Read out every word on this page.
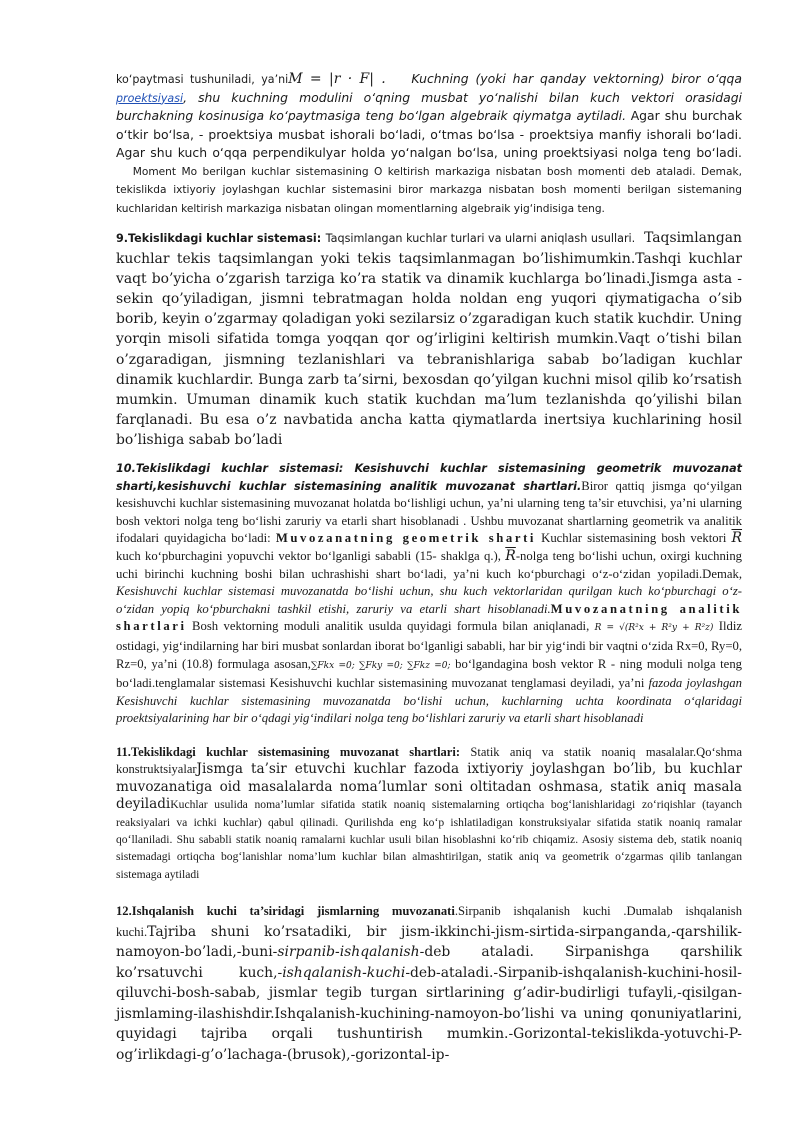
ko‘paytmasi tushuniladi, ya’niM = |r · F| . Kuchning (yoki har qanday vektorning) biror o‘qqa proektsiyasi, shu kuchning modulini o‘qning musbat yo‘nalishi bilan kuch vektori orasidagi burchakning kosinusiga ko‘paytmasiga teng bo‘lgan algebraik qiymatga aytiladi. Agar shu burchak o‘tkir bo‘lsa, - proektsiya musbat ishorali bo‘ladi, o‘tmas bo‘lsa - proektsiya manfiy ishorali bo‘ladi. Agar shu kuch o‘qqa perpendikulyar holda yo‘nalgan bo‘lsa, uning proektsiyasi nolga teng bo‘ladi.    Moment Mo berilgan kuchlar sistemasining O keltirish markaziga nisbatan bosh momenti deb ataladi. Demak, tekislikda ixtiyoriy joylashgan kuchlar sistemasini biror markazga nisbatan bosh momenti berilgan sistemaning kuchlaridan keltirish markaziga nisbatan olingan momentlarning algebraik yig‘indisiga teng.

9.Tekislikdagi kuchlar sistemasi: Taqsimlangan kuchlar turlari va ularni aniqlash usullari. Taqsimlangan kuchlar tekis taqsimlangan yoki tekis taqsimlanmagan bo’lishimumkin.Tashqi kuchlar vaqt bo’yicha o’zgarish tarziga ko’ra statik va dinamik kuchlarga bo’linadi.Jismga asta - sekin qo’yiladigan, jismni tebratmagan holda noldan eng yuqori qiymatigacha o’sib borib, keyin o’zgarmay qoladigan yoki sezilarsiz o’zgaradigan kuch statik kuchdir. Uning yorqin misoli sifatida tomga yoqqan qor og’irligini keltirish mumkin.Vaqt o’tishi bilan o’zgaradigan, jismning tezlanishlari va tebranishlariga sabab bo’ladigan kuchlar dinamik kuchlardir. Bunga zarb ta’sirni, bexosdan qo’yilgan kuchni misol qilib ko’rsatish mumkin. Umuman dinamik kuch statik kuchdan ma’lum tezlanishda qo’yilishi bilan farqlanadi. Bu esa o’z navbatida ancha katta qiymatlarda inertsiya kuchlarining hosil bo’lishiga sabab bo’ladi

10.Tekislikdagi kuchlar sistemasi: Kesishuvchi kuchlar sistemasining geometrik muvozanat sharti,kesishuvchi kuchlar sistemasining analitik muvozanat shartlari.Biror qattiq jismga qo‘yilgan kesishuvchi kuchlar sistemasining muvozanat holatda bo‘lishligi uchun, ya’ni ularning teng ta’sir etuvchisi, ya’ni ularning bosh vektori nolga teng bo‘lishi zaruriy va etarli shart hisoblanadi . Ushbu muvozanat shartlarning geometrik va analitik ifodalari quyidagicha bo‘ladi: Muvozanatning geometrik sharti Kuchlar sistemasining bosh vektori $\overline{R}$ kuch ko‘pburchagini yopuvchi vektor bo‘lganligi sababli (15- shaklga q.), $\overline{R}$-nolga teng bo‘lishi uchun, oxirgi kuchning uchi birinchi kuchning boshi bilan uchrashishi shart bo‘ladi, ya’ni kuch ko‘pburchagi o‘z-o‘zidan yopiladi.Demak, Kesishuvchi kuchlar sistemasi muvozanatda bo‘lishi uchun, shu kuch vektorlaridan qurilgan kuch ko‘pburchagi o‘z-o‘zidan yopiq ko‘pburchakni tashkil etishi, zaruriy va etarli shart hisoblanadi.Muvozanatning analitik shartlari Bosh vektorning moduli analitik usulda quyidagi formula bilan aniqlanadi, R = √(R²x + R²y + R²z) Ildiz ostidagi, yig‘indilarning har biri musbat sonlardan iborat bo‘lganligi sababli, har bir yig‘indi bir vaqtni o‘zida Rx=0, Ry=0, Rz=0, ya’ni (10.8) formulaga asosan,∑Fkx =0; ∑Fky =0; ∑Fkz =0; bo‘lgandagina bosh vektor R - ning moduli nolga teng bo‘ladi.tenglamalar sistemasi Kesishuvchi kuchlar sistemasining muvozanat tenglamasi deyiladi, ya’ni fazoda joylashgan Kesishuvchi kuchlar sistemasining muvozanatda bo‘lishi uchun, kuchlarning uchta koordinata o‘qlaridagi proektsiyalarining har bir o‘qdagi yig‘indilari nolga teng bo‘lishlari zaruriy va etarli shart hisoblanadi

11.Tekislikdagi kuchlar sistemasining muvozanat shartlari: Statik aniq va statik noaniq masalalar.Qo‘shma konstruktsiyalarJismga ta’sir etuvchi kuchlar fazoda ixtiyoriy joylashgan bo’lib, bu kuchlar muvozanatiga oid masalalarda noma’lumlar soni oltitadan oshmasa, statik aniq masala deyiladiKuchlar usulida noma’lumlar sifatida statik noaniq sistemalarning ortiqcha bog‘lanishlaridagi zo‘riqishlar (tayanch reaksiyalari va ichki kuchlar) qabul qilinadi. Qurilishda eng ko‘p ishlatiladigan konstruksiyalar sifatida statik noaniq ramalar qo‘llaniladi. Shu sababli statik noaniq ramalarni kuchlar usuli bilan hisoblashni ko‘rib chiqamiz. Asosiy sistema deb, statik noaniq sistemadagi ortiqcha bog‘lanishlar noma’lum kuchlar bilan almashtirilgan, statik aniq va geometrik o‘zgarmas qilib tanlangan sistemaga aytiladi

12.Ishqalanish kuchi ta’siridagi jismlarning muvozanati.Sirpanib ishqalanish kuchi .Dumalab ishqalanish kuchi.Tajriba shuni ko’rsatadiki, bir jism-ikkinchi-jism-sirtida-sirpanganda,-qarshilik-namoyon-bo’ladi,-buni-sirpanib-ishqalanish-deb ataladi. Sirpanishga qarshilik ko’rsatuvchi kuch,-ishqalanish-kuchi-deb-ataladi.-Sirpanib-ishqalanish-kuchini-hosil-qiluvchi-bosh-sabab, jismlar tegib turgan sirtlarining g’adir-budirligi tufayli,-qisilgan-jismlaming-ilashishdir.Ishqalanish-kuchining-namoyon-bo’lishi va uning qonuniyatlarini, quyidagi tajriba orqali tushuntirish mumkin.-Gorizontal-tekislikda-yotuvchi-P-og’irlikdagi-g’o’lachaga-(brusok),-gorizontal-ip-
